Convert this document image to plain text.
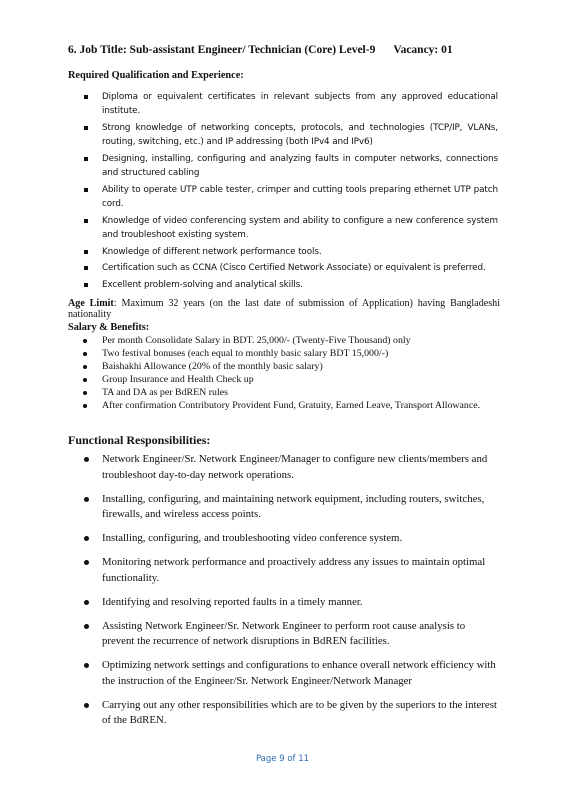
6. Job Title: Sub-assistant Engineer/ Technician (Core) Level-9 Vacancy: 01
Required Qualification and Experience:
Diploma or equivalent certificates in relevant subjects from any approved educational institute.
Strong knowledge of networking concepts, protocols, and technologies (TCP/IP, VLANs, routing, switching, etc.) and IP addressing (both IPv4 and IPv6)
Designing, installing, configuring and analyzing faults in computer networks, connections and structured cabling
Ability to operate UTP cable tester, crimper and cutting tools preparing ethernet UTP patch cord.
Knowledge of video conferencing system and ability to configure a new conference system and troubleshoot existing system.
Knowledge of different network performance tools.
Certification such as CCNA (Cisco Certified Network Associate) or equivalent is preferred.
Excellent problem-solving and analytical skills.
Age Limit: Maximum 32 years (on the last date of submission of Application) having Bangladeshi nationality
Salary & Benefits:
Per month Consolidate Salary in BDT. 25,000/- (Twenty-Five Thousand) only
Two festival bonuses (each equal to monthly basic salary BDT 15,000/-)
Baishakhi Allowance (20% of the monthly basic salary)
Group Insurance and Health Check up
TA and DA as per BdREN rules
After confirmation Contributory Provident Fund, Gratuity, Earned Leave, Transport Allowance.
Functional Responsibilities:
Network Engineer/Sr. Network Engineer/Manager to configure new clients/members and troubleshoot day-to-day network operations.
Installing, configuring, and maintaining network equipment, including routers, switches, firewalls, and wireless access points.
Installing, configuring, and troubleshooting video conference system.
Monitoring network performance and proactively address any issues to maintain optimal functionality.
Identifying and resolving reported faults in a timely manner.
Assisting Network Engineer/Sr. Network Engineer to perform root cause analysis to prevent the recurrence of network disruptions in BdREN facilities.
Optimizing network settings and configurations to enhance overall network efficiency with the instruction of the Engineer/Sr. Network Engineer/Network Manager
Carrying out any other responsibilities which are to be given by the superiors to the interest of the BdREN.
Page 9 of 11
